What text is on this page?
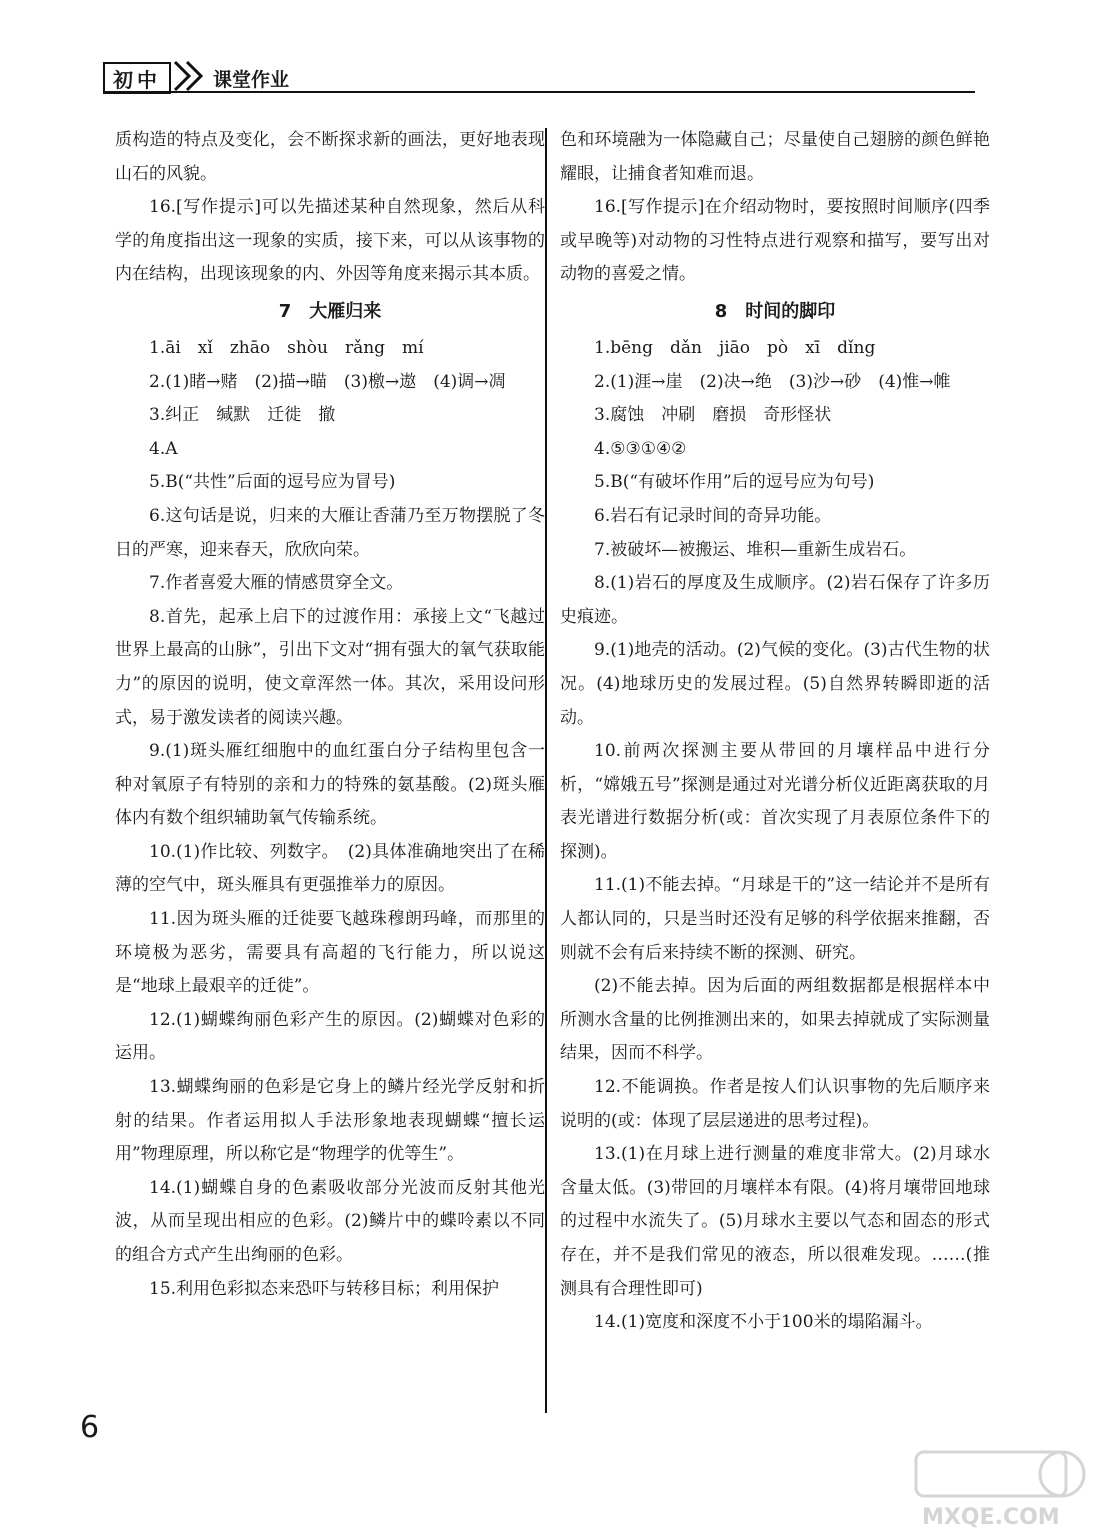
初中	课堂作业

质构造的特点及变化，会不断探求新的画法，更好地表现山石的风貌。

16.[写作提示]可以先描述某种自然现象，然后从科学的角度指出这一现象的实质，接下来，可以从该事物的内在结构，出现该现象的内、外因等角度来揭示其本质。

7　大雁归来

1.āi　xǐ　zhāo　shòu　rǎng　mí

2.(1)睹→赌　(2)描→瞄　(3)檄→遨　(4)调→凋

3.纠正　缄默　迁徙　撤

4.A

5.B(“共性”后面的逗号应为冒号)

6.这句话是说，归来的大雁让香蒲乃至万物摆脱了冬日的严寒，迎来春天，欣欣向荣。

7.作者喜爱大雁的情感贯穿全文。

8.首先，起承上启下的过渡作用：承接上文“飞越过世界上最高的山脉”，引出下文对“拥有强大的氧气获取能力”的原因的说明，使文章浑然一体。其次，采用设问形式，易于激发读者的阅读兴趣。

9.(1)斑头雁红细胞中的血红蛋白分子结构里包含一种对氧原子有特别的亲和力的特殊的氨基酸。(2)斑头雁体内有数个组织辅助氧气传输系统。

10.(1)作比较、列数字。　(2)具体准确地突出了在稀薄的空气中，斑头雁具有更强推举力的原因。

11.因为斑头雁的迁徙要飞越珠穆朗玛峰，而那里的环境极为恶劣，需要具有高超的飞行能力，所以说这是“地球上最艰辛的迁徙”。

12.(1)蝴蝶绚丽色彩产生的原因。(2)蝴蝶对色彩的运用。

13.蝴蝶绚丽的色彩是它身上的鳞片经光学反射和折射的结果。作者运用拟人手法形象地表现蝴蝶“擅长运用”物理原理，所以称它是“物理学的优等生”。

14.(1)蝴蝶自身的色素吸收部分光波而反射其他光波，从而呈现出相应的色彩。(2)鳞片中的蝶呤素以不同的组合方式产生出绚丽的色彩。

15.利用色彩拟态来恐吓与转移目标；利用保护

色和环境融为一体隐藏自己；尽量使自己翅膀的颜色鲜艳耀眼，让捕食者知难而退。

16.[写作提示]在介绍动物时，要按照时间顺序(四季或早晚等)对动物的习性特点进行观察和描写，要写出对动物的喜爱之情。

8　时间的脚印

1.bēng　dǎn　jiāo　pò　xī　dǐng

2.(1)涯→崖　(2)决→绝　(3)沙→砂　(4)惟→帷

3.腐蚀　冲刷　磨损　奇形怪状

4.⑤③①④②

5.B(“有破坏作用”后的逗号应为句号)

6.岩石有记录时间的奇异功能。

7.被破坏—被搬运、堆积—重新生成岩石。

8.(1)岩石的厚度及生成顺序。(2)岩石保存了许多历史痕迹。

9.(1)地壳的活动。(2)气候的变化。(3)古代生物的状况。(4)地球历史的发展过程。(5)自然界转瞬即逝的活动。

10.前两次探测主要从带回的月壤样品中进行分析，“嫦娥五号”探测是通过对光谱分析仪近距离获取的月表光谱进行数据分析(或：首次实现了月表原位条件下的探测)。

11.(1)不能去掉。“月球是干的”这一结论并不是所有人都认同的，只是当时还没有足够的科学依据来推翻，否则就不会有后来持续不断的探测、研究。

(2)不能去掉。因为后面的两组数据都是根据样本中所测水含量的比例推测出来的，如果去掉就成了实际测量结果，因而不科学。

12.不能调换。作者是按人们认识事物的先后顺序来说明的(或：体现了层层递进的思考过程)。

13.(1)在月球上进行测量的难度非常大。(2)月球水含量太低。(3)带回的月壤样本有限。(4)将月壤带回地球的过程中水流失了。(5)月球水主要以气态和固态的形式存在，并不是我们常见的液态，所以很难发现。……(推测具有合理性即可)

14.(1)宽度和深度不小于100米的塌陷漏斗。

6
MXQE.COM
